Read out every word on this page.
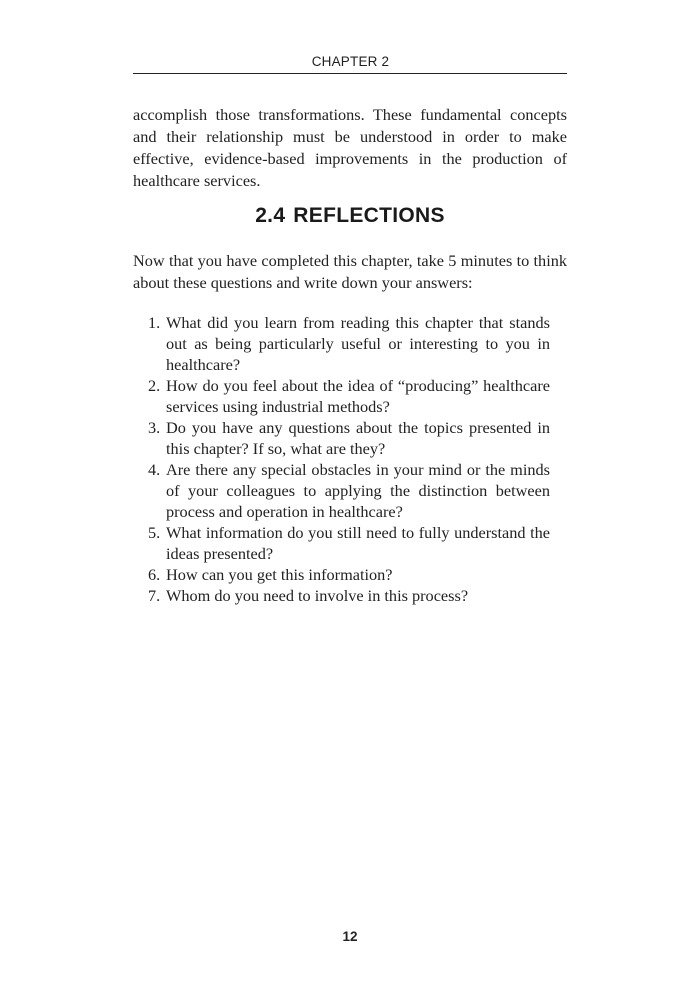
CHAPTER 2

accomplish those transformations. These fundamental concepts and their relationship must be understood in order to make effective, evidence-based improvements in the production of healthcare services.

2.4 REFLECTIONS

Now that you have completed this chapter, take 5 minutes to think about these questions and write down your answers:

1. What did you learn from reading this chapter that stands out as being particularly useful or interesting to you in healthcare?
2. How do you feel about the idea of “producing” healthcare services using industrial methods?
3. Do you have any questions about the topics presented in this chapter? If so, what are they?
4. Are there any special obstacles in your mind or the minds of your colleagues to applying the distinction between process and operation in healthcare?
5. What information do you still need to fully understand the ideas presented?
6. How can you get this information?
7. Whom do you need to involve in this process?
12
